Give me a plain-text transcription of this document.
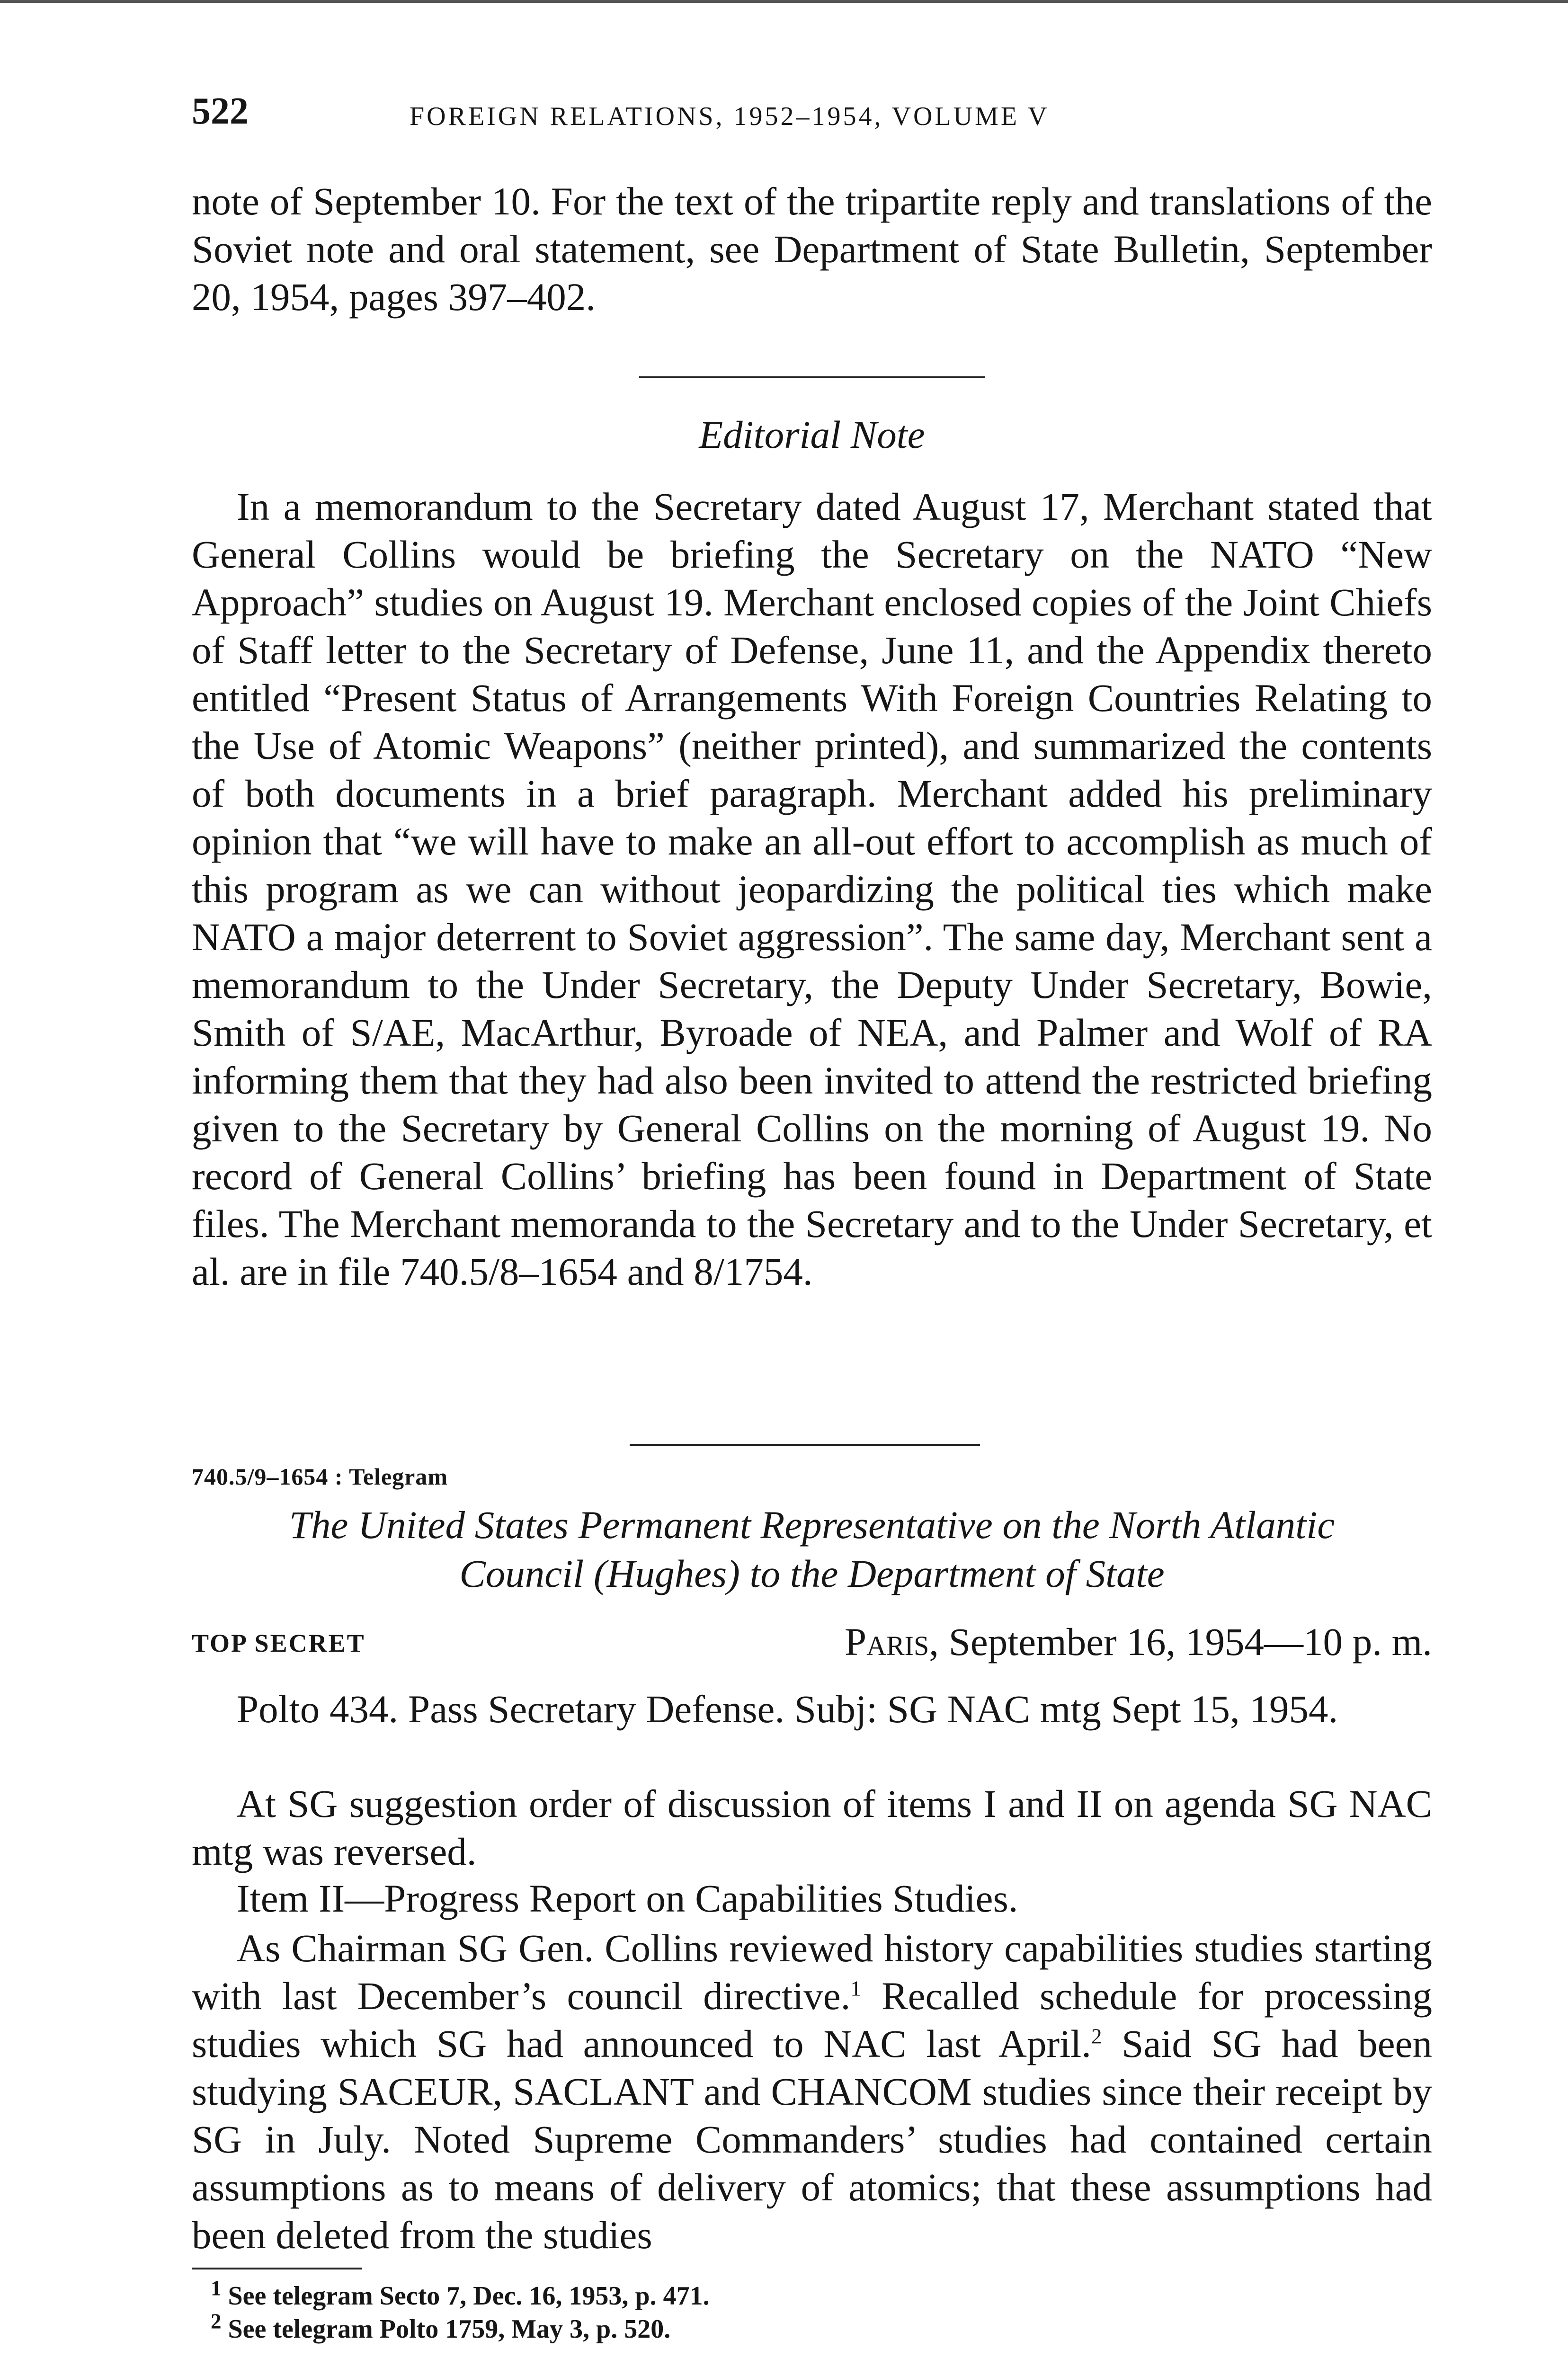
522	FOREIGN RELATIONS, 1952–1954, VOLUME V

note of September 10. For the text of the tripartite reply and translations of the Soviet note and oral statement, see Department of State Bulletin, September 20, 1954, pages 397–402.

Editorial Note

In a memorandum to the Secretary dated August 17, Merchant stated that General Collins would be briefing the Secretary on the NATO “New Approach” studies on August 19. Merchant enclosed copies of the Joint Chiefs of Staff letter to the Secretary of Defense, June 11, and the Appendix thereto entitled “Present Status of Arrangements With Foreign Countries Relating to the Use of Atomic Weapons” (neither printed), and summarized the contents of both documents in a brief paragraph. Merchant added his preliminary opinion that “we will have to make an all-out effort to accomplish as much of this program as we can without jeopardizing the political ties which make NATO a major deterrent to Soviet aggression”. The same day, Merchant sent a memorandum to the Under Secretary, the Deputy Under Secretary, Bowie, Smith of S/AE, MacArthur, Byroade of NEA, and Palmer and Wolf of RA informing them that they had also been invited to attend the restricted briefing given to the Secretary by General Collins on the morning of August 19. No record of General Collins’ briefing has been found in Department of State files. The Merchant memoranda to the Secretary and to the Under Secretary, et al. are in file 740.5/8–1654 and 8/1754.

740.5/9–1654 : Telegram
The United States Permanent Representative on the North Atlantic
Council (Hughes) to the Department of State
TOP SECRET	Paris, September 16, 1954—10 p. m.

Polto 434. Pass Secretary Defense. Subj: SG NAC mtg Sept 15, 1954.

At SG suggestion order of discussion of items I and II on agenda SG NAC mtg was reversed.

Item II—Progress Report on Capabilities Studies.

As Chairman SG Gen. Collins reviewed history capabilities studies starting with last December’s council directive.$^1$ Recalled schedule for processing studies which SG had announced to NAC last April.$^2$ Said SG had been studying SACEUR, SACLANT and CHANCOM studies since their receipt by SG in July. Noted Supreme Commanders’ studies had contained certain assumptions as to means of delivery of atomics; that these assumptions had been deleted from the studies

$^1$ See telegram Secto 7, Dec. 16, 1953, p. 471.

$^2$ See telegram Polto 1759, May 3, p. 520.
